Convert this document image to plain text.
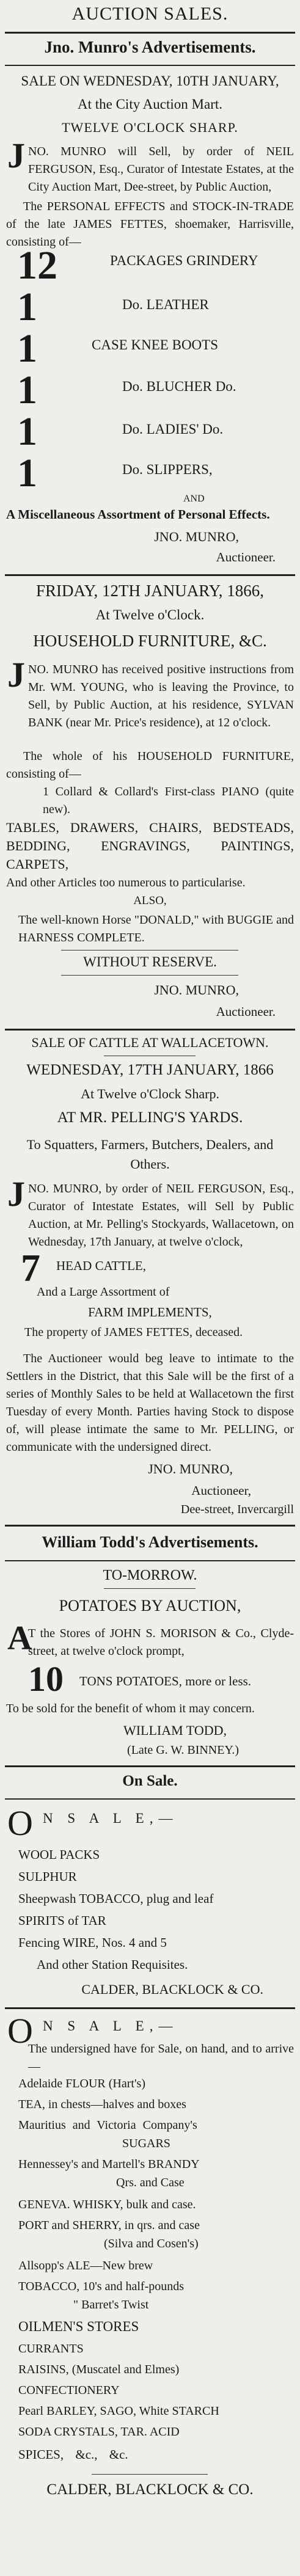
AUCTION SALES.
Jno. Munro's Advertisements.
SALE ON WEDNESDAY, 10TH JANUARY,
At the City Auction Mart.
TWELVE O'CLOCK SHARP.
J NO. MUNRO will Sell, by order of NEIL FERGUSON, Esq., Curator of Intestate Estates, at the City Auction Mart, Dee-street, by Public Auction,
The PERSONAL EFFECTS and STOCK-IN-TRADE of the late JAMES FETTES, shoemaker, Harrisville, consisting of—
12	PACKAGES GRINDERY
1	Do. LEATHER
1	CASE KNEE BOOTS
1	Do. BLUCHER Do.
1	Do. LADIES' Do.
1	Do. SLIPPERS,
AND
A Miscellaneous Assortment of Personal Effects.
JNO. MUNRO,
Auctioneer.
FRIDAY, 12TH JANUARY, 1866,
At Twelve o'Clock.
HOUSEHOLD FURNITURE, &C.
J NO. MUNRO has received positive instructions from Mr. WM. YOUNG, who is leaving the Province, to Sell, by Public Auction, at his residence, SYLVAN BANK (near Mr. Price's residence), at 12 o'clock.
The whole of his HOUSEHOLD FURNITURE, consisting of—
1 Collard & Collard's First-class PIANO (quite new).
TABLES, DRAWERS, CHAIRS, BEDSTEADS, BEDDING, ENGRAVINGS, PAINTINGS, CARPETS,
And other Articles too numerous to particularise.
ALSO,
The well-known Horse "DONALD," with BUGGIE and HARNESS COMPLETE.
WITHOUT RESERVE.
JNO. MUNRO,
Auctioneer.
SALE OF CATTLE AT WALLACETOWN.
WEDNESDAY, 17TH JANUARY, 1866
At Twelve o'Clock Sharp.
AT MR. PELLING'S YARDS.
To Squatters, Farmers, Butchers, Dealers, and Others.
J NO. MUNRO, by order of NEIL FERGUSON, Esq., Curator of Intestate Estates, will Sell by Public Auction, at Mr. Pelling's Stockyards, Wallacetown, on Wednesday, 17th January, at twelve o'clock,
7 HEAD CATTLE,
And a Large Assortment of
FARM IMPLEMENTS,
The property of JAMES FETTES, deceased.
The Auctioneer would beg leave to intimate to the Settlers in the District, that this Sale will be the first of a series of Monthly Sales to be held at Wallacetown the first Tuesday of every Month. Parties having Stock to dispose of, will please intimate the same to Mr. PELLING, or communicate with the undersigned direct.
JNO. MUNRO,
Auctioneer,
Dee-street, Invercargill
William Todd's Advertisements.
TO-MORROW.
POTATOES BY AUCTION,
A
T the Stores of JOHN S. MORISON & Co., Clyde-street, at twelve o'clock prompt,
10 TONS POTATOES, more or less.
To be sold for the benefit of whom it may concern.
WILLIAM TODD,
(Late G. W. BINNEY.)
On Sale.
O N S A L E,—
WOOL PACKS
SULPHUR
Sheepwash TOBACCO, plug and leaf
SPIRITS of TAR
Fencing WIRE, Nos. 4 and 5
And other Station Requisites.
CALDER, BLACKLOCK & CO.
O N S A L E,—
The undersigned have for Sale, on hand, and to arrive—
Adelaide FLOUR (Hart's)
TEA, in chests—halves and boxes
Mauritius and Victoria Company's
SUGARS
Hennessey's and Martell's BRANDY
Qrs. and Case
GENEVA. WHISKY, bulk and case.
PORT and SHERRY, in qrs. and case
(Silva and Cosen's)
Allsopp's ALE—New brew
TOBACCO, 10's and half-pounds
" Barret's Twist
OILMEN'S STORES
CURRANTS
RAISINS, (Muscatel and Elmes)
CONFECTIONERY
Pearl BARLEY, SAGO, White STARCH
SODA CRYSTALS, TAR. ACID
SPICES, &c., &c.
CALDER, BLACKLOCK & CO.
